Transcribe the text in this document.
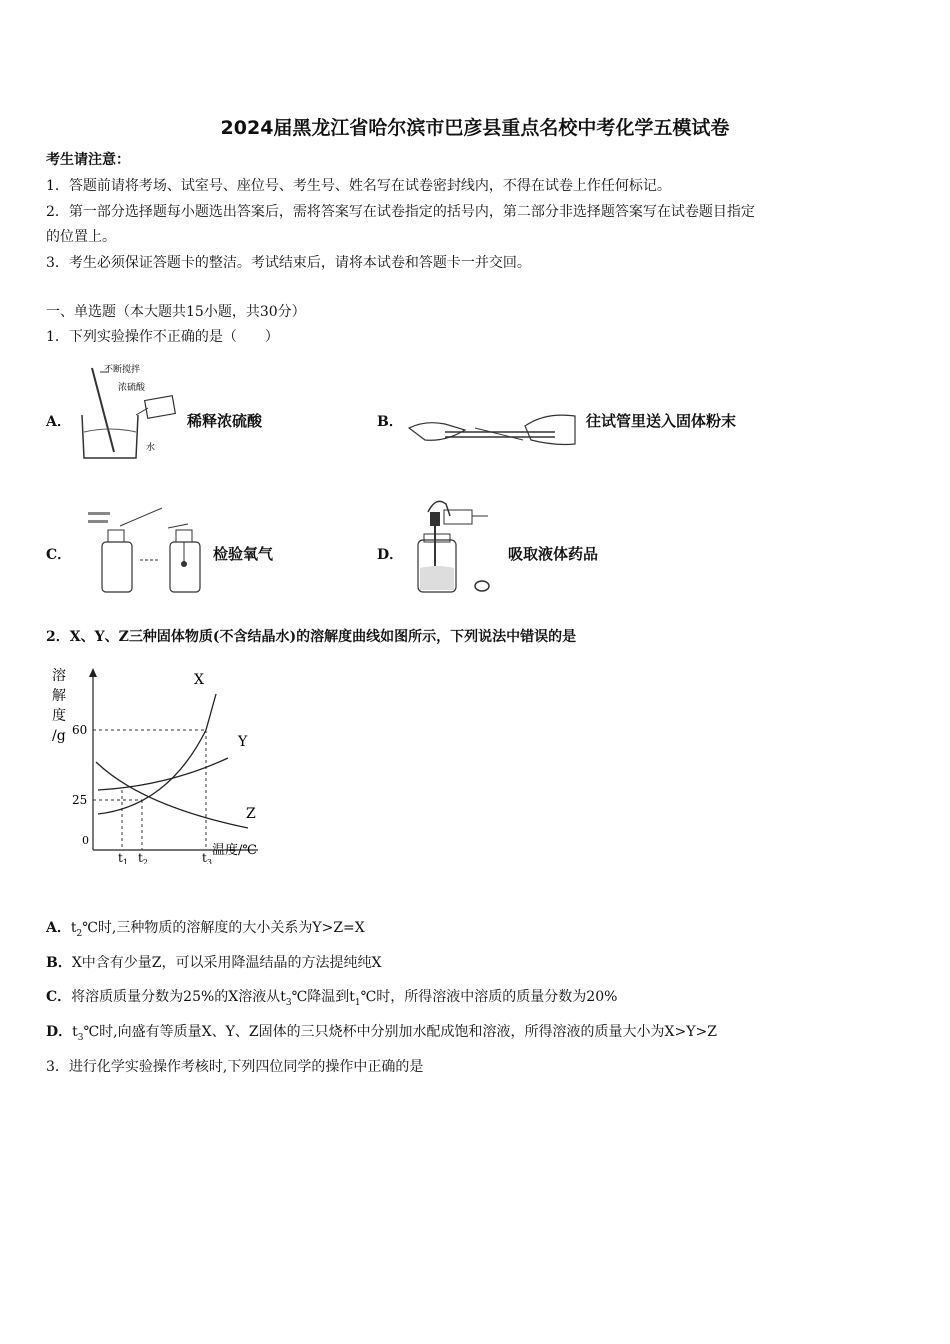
2024届黑龙江省哈尔滨市巴彦县重点名校中考化学五模试卷
考生请注意：
1．答题前请将考场、试室号、座位号、考生号、姓名写在试卷密封线内，不得在试卷上作任何标记。
2．第一部分选择题每小题选出答案后，需将答案写在试卷指定的括号内，第二部分非选择题答案写在试卷题目指定
的位置上。
3．考生必须保证答题卡的整洁。考试结束后，请将本试卷和答题卡一并交回。
一、单选题（本大题共15小题，共30分）
1．下列实验操作不正确的是（　　）
A．
不断搅拌
浓硫酸
水
稀释浓硫酸	B．	往试管里送入固体粉末
C．	检验氧气	D．	吸取液体药品
2．X、Y、Z三种固体物质(不含结晶水)的溶解度曲线如图所示，下列说法中错误的是
溶
解
度
/g
0
温度/℃
25
60
$t_1$ $t_2$	$t_3$
X
Y
Z
A．$t_2℃$时,三种物质的溶解度的大小关系为Y>Z=X
B．X中含有少量Z，可以采用降温结晶的方法提纯纯X
C．将溶质质量分数为25%的X溶液从$t_3℃$降温到$t_1℃$时，所得溶液中溶质的质量分数为20%
D．$t_3℃$时,向盛有等质量X、Y、Z固体的三只烧杯中分别加水配成饱和溶液，所得溶液的质量大小为X>Y>Z
3．进行化学实验操作考核时,下列四位同学的操作中正确的是
